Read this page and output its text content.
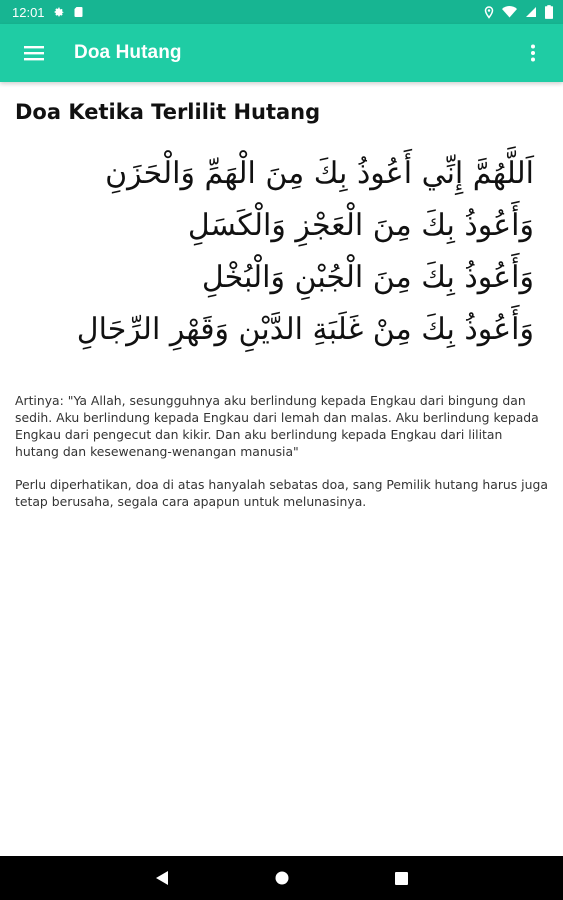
12:01
Doa Hutang
Doa Ketika Terlilit Hutang
اَللَّهُمَّ إِنِّي أَعُوذُ بِكَ مِنَ الْهَمِّ وَالْحَزَنِ
وَأَعُوذُ بِكَ مِنَ الْعَجْزِ وَالْكَسَلِ
وَأَعُوذُ بِكَ مِنَ الْجُبْنِ وَالْبُخْلِ
وَأَعُوذُ بِكَ مِنْ غَلَبَةِ الدَّيْنِ وَقَهْرِ الرِّجَالِ

Artinya: "Ya Allah, sesungguhnya aku berlindung kepada Engkau dari bingung dan sedih. Aku berlindung kepada Engkau dari lemah dan malas. Aku berlindung kepada Engkau dari pengecut dan kikir. Dan aku berlindung kepada Engkau dari lilitan hutang dan kesewenang-wenangan manusia"

Perlu diperhatikan, doa di atas hanyalah sebatas doa, sang Pemilik hutang harus juga tetap berusaha, segala cara apapun untuk melunasinya.
